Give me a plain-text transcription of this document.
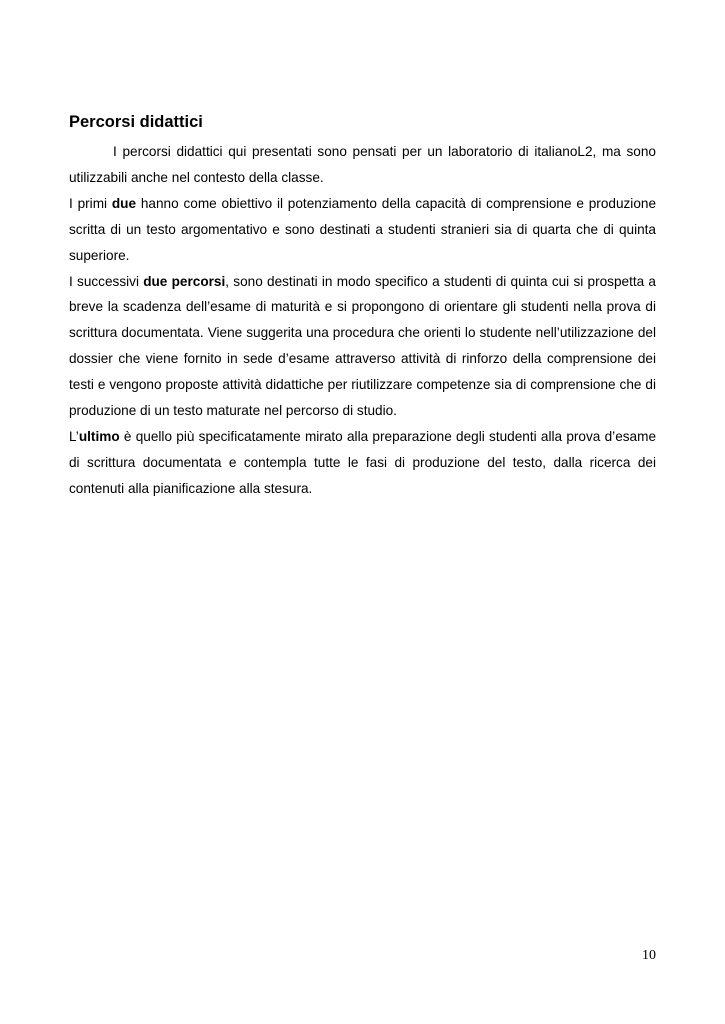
Percorsi didattici

I percorsi didattici qui presentati sono pensati per un laboratorio di italianoL2, ma sono utilizzabili anche nel contesto della classe.

I primi due hanno come obiettivo il potenziamento della capacità di comprensione e produzione scritta di un testo argomentativo e sono destinati a studenti stranieri sia di quarta che di quinta superiore.

I successivi due percorsi, sono destinati in modo specifico a studenti di quinta cui si prospetta a breve la scadenza dell’esame di maturità e si propongono di orientare gli studenti nella prova di scrittura documentata. Viene suggerita una procedura che orienti lo studente nell’utilizzazione del dossier che viene fornito in sede d’esame attraverso attività di rinforzo della comprensione dei testi e vengono proposte attività didattiche per riutilizzare competenze sia di comprensione che di produzione di un testo maturate nel percorso di studio.

L’ultimo è quello più specificatamente mirato alla preparazione degli studenti alla prova d’esame di scrittura documentata e contempla tutte le fasi di produzione del testo, dalla ricerca dei contenuti alla pianificazione alla stesura.

10
